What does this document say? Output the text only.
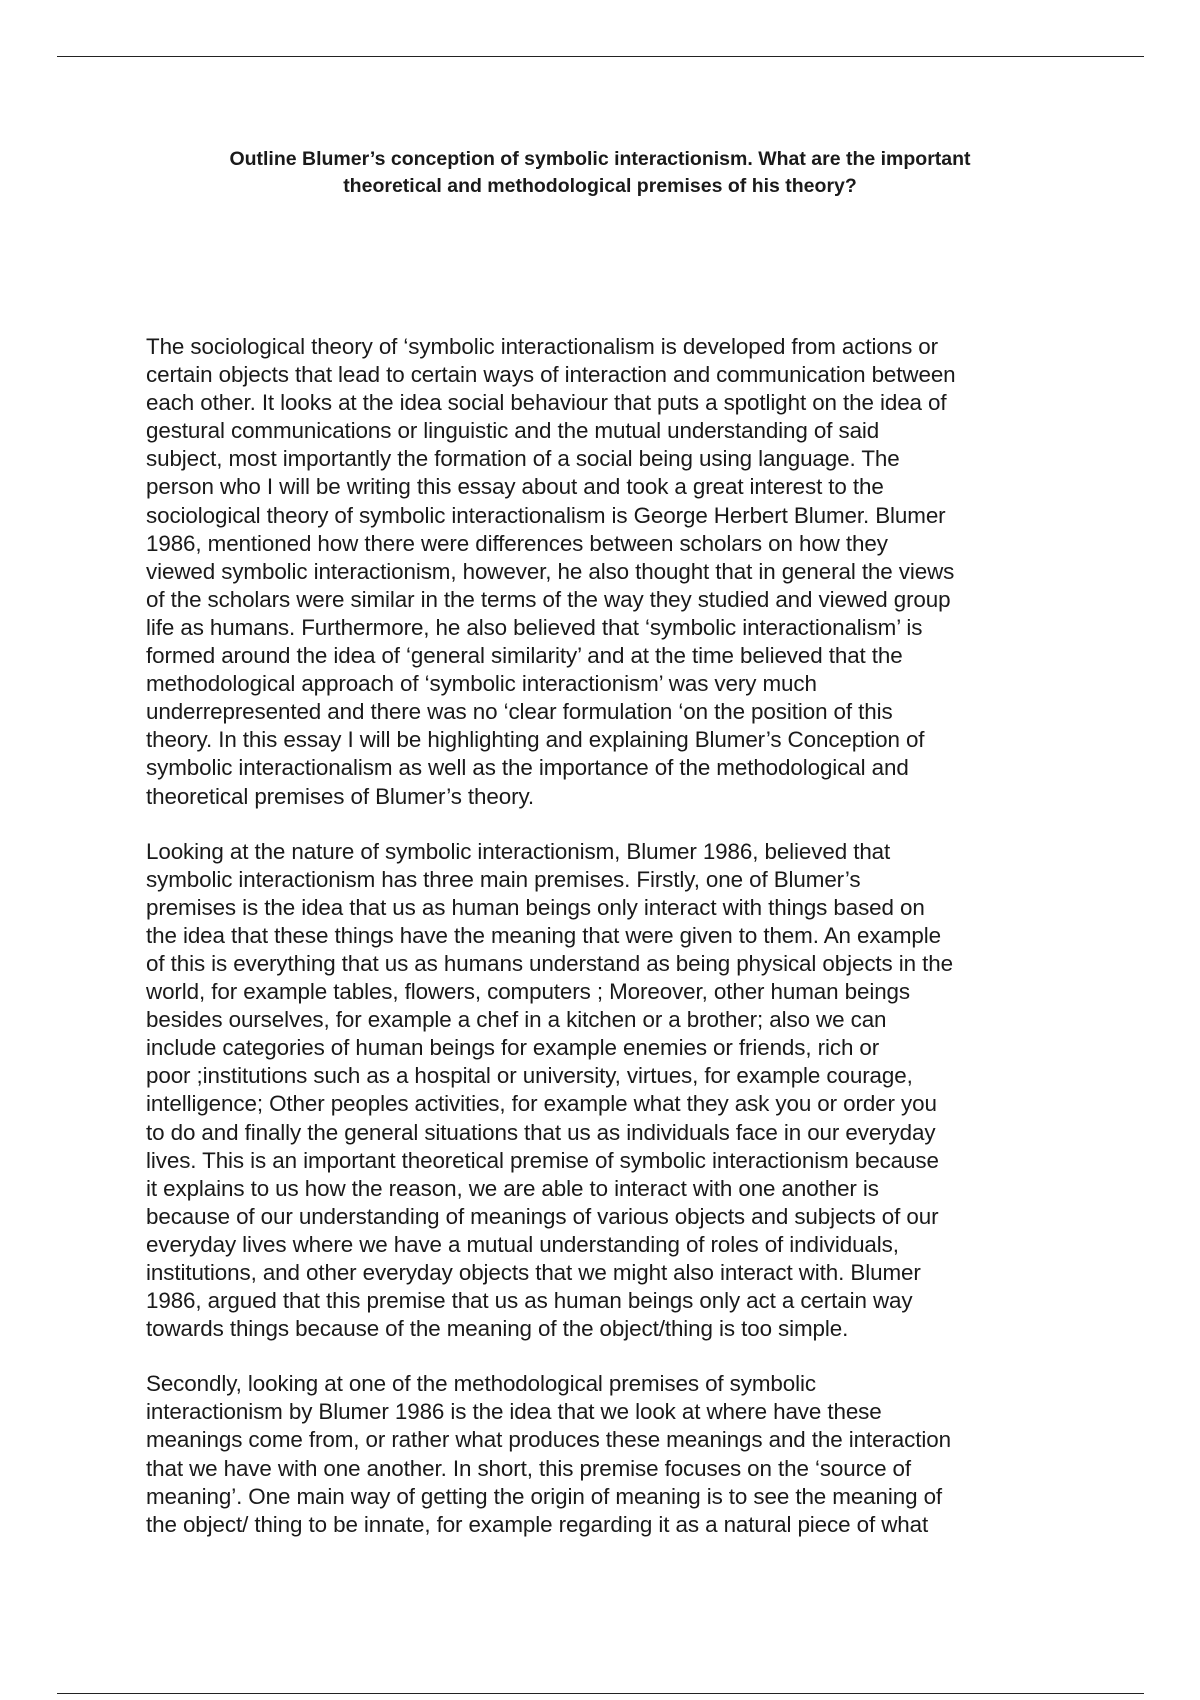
Outline Blumer’s conception of symbolic interactionism. What are the important
theoretical and methodological premises of his theory?
The sociological theory of ‘symbolic interactionalism is developed from actions or
certain objects that lead to certain ways of interaction and communication between
each other. It looks at the idea social behaviour that puts a spotlight on the idea of
gestural communications or linguistic and the mutual understanding of said
subject, most importantly the formation of a social being using language. The
person who I will be writing this essay about and took a great interest to the
sociological theory of symbolic interactionalism is George Herbert Blumer. Blumer
1986, mentioned how there were differences between scholars on how they
viewed symbolic interactionism, however, he also thought that in general the views
of the scholars were similar in the terms of the way they studied and viewed group
life as humans. Furthermore, he also believed that ‘symbolic interactionalism’ is
formed around the idea of ‘general similarity’ and at the time believed that the
methodological approach of ‘symbolic interactionism’ was very much
underrepresented and there was no ‘clear formulation ‘on the position of this
theory. In this essay I will be highlighting and explaining Blumer’s Conception of
symbolic interactionalism as well as the importance of the methodological and
theoretical premises of Blumer’s theory.
Looking at the nature of symbolic interactionism, Blumer 1986, believed that
symbolic interactionism has three main premises. Firstly, one of Blumer’s
premises is the idea that us as human beings only interact with things based on
the idea that these things have the meaning that were given to them. An example
of this is everything that us as humans understand as being physical objects in the
world, for example tables, flowers, computers ; Moreover, other human beings
besides ourselves, for example a chef in a kitchen or a brother; also we can
include categories of human beings for example enemies or friends, rich or
poor ;institutions such as a hospital or university, virtues, for example courage,
intelligence; Other peoples activities, for example what they ask you or order you
to do and finally the general situations that us as individuals face in our everyday
lives. This is an important theoretical premise of symbolic interactionism because
it explains to us how the reason, we are able to interact with one another is
because of our understanding of meanings of various objects and subjects of our
everyday lives where we have a mutual understanding of roles of individuals,
institutions, and other everyday objects that we might also interact with. Blumer
1986, argued that this premise that us as human beings only act a certain way
towards things because of the meaning of the object/thing is too simple.
Secondly, looking at one of the methodological premises of symbolic
interactionism by Blumer 1986 is the idea that we look at where have these
meanings come from, or rather what produces these meanings and the interaction
that we have with one another. In short, this premise focuses on the ‘source of
meaning’. One main way of getting the origin of meaning is to see the meaning of
the object/ thing to be innate, for example regarding it as a natural piece of what
